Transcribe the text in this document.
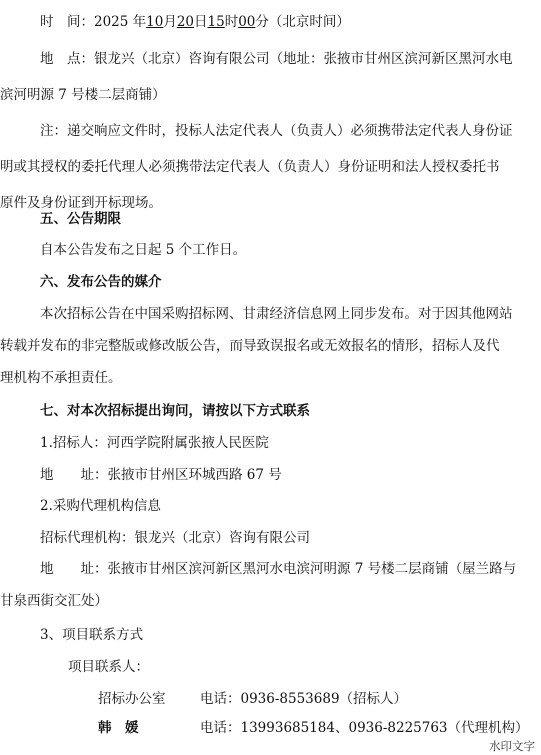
时　间：2025 年10月20日15时00分（北京时间）
地　点：银龙兴（北京）咨询有限公司（地址：张掖市甘州区滨河新区黑河水电
滨河明源 7 号楼二层商铺）
注：递交响应文件时，投标人法定代表人（负责人）必须携带法定代表人身份证
明或其授权的委托代理人必须携带法定代表人（负责人）身份证明和法人授权委托书
原件及身份证到开标现场。
五、公告期限
自本公告发布之日起 5 个工作日。
六、发布公告的媒介
本次招标公告在中国采购招标网、甘肃经济信息网上同步发布。对于因其他网站
转载并发布的非完整版或修改版公告，而导致误报名或无效报名的情形，招标人及代
理机构不承担责任。
七、对本次招标提出询问，请按以下方式联系
1.招标人：河西学院附属张掖人民医院
地　　址：张掖市甘州区环城西路 67 号
2.采购代理机构信息
招标代理机构：银龙兴（北京）咨询有限公司
地　　址：张掖市甘州区滨河新区黑河水电滨河明源 7 号楼二层商铺（屋兰路与
甘泉西街交汇处）
3、项目联系方式
项目联系人：
招标办公室	电话：0936-8553689（招标人）
韩　媛	电话：13993685184、0936-8225763（代理机构）
水印文字
